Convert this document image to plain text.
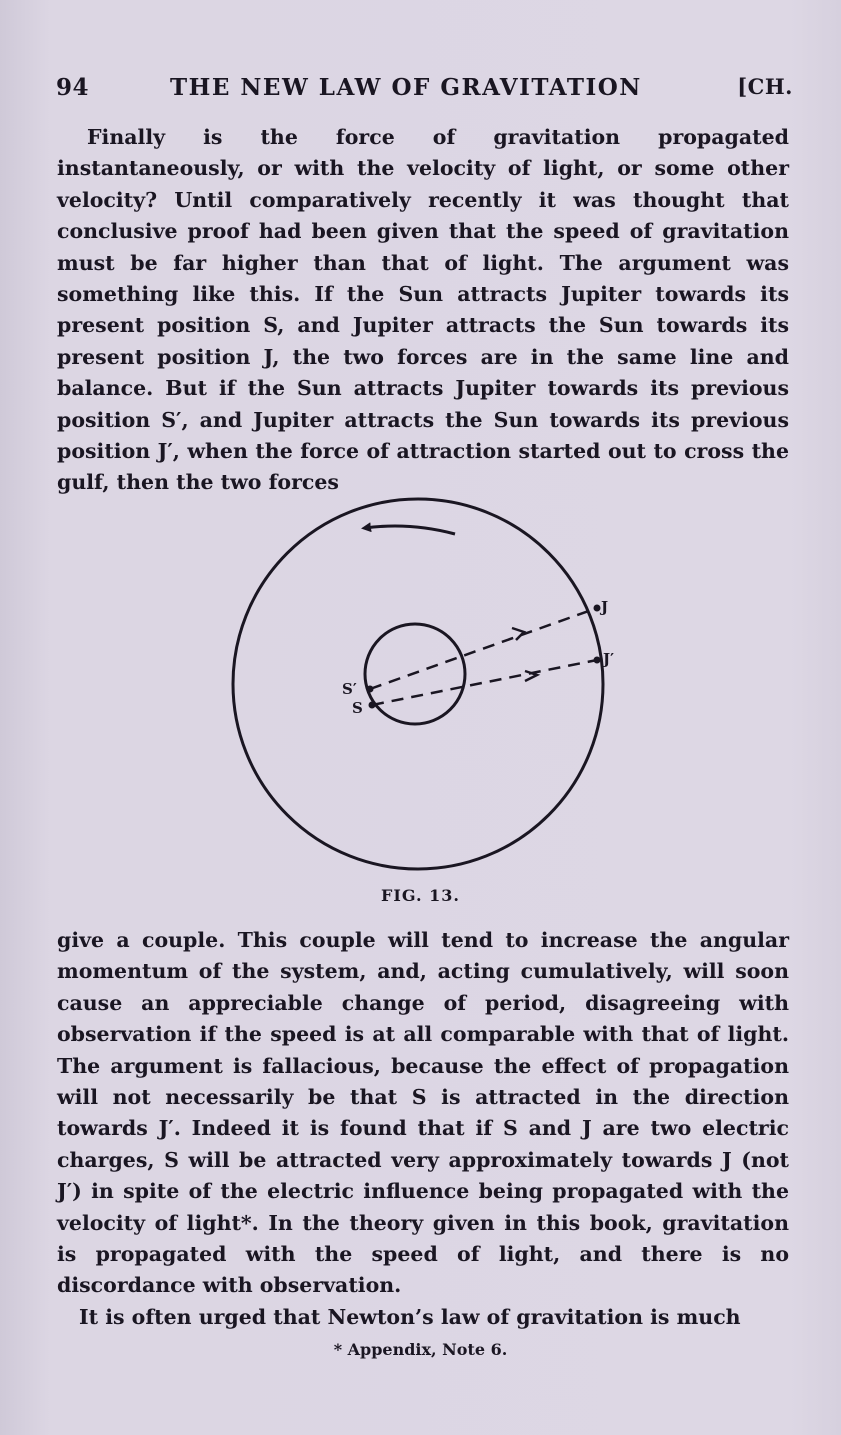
94	THE NEW LAW OF GRAVITATION	[CH.

Finally is the force of gravitation propagated instantaneously, or with the velocity of light, or some other velocity? Until comparatively recently it was thought that conclusive proof had been given that the speed of gravitation must be far higher than that of light. The argument was something like this. If the Sun attracts Jupiter towards its present position S, and Jupiter attracts the Sun towards its present position J, the two forces are in the same line and balance. But if the Sun attracts Jupiter towards its previous position S′, and Jupiter attracts the Sun towards its previous position J′, when the force of attraction started out to cross the gulf, then the two forces

S′
S
J
J′
FIG. 13.

give a couple. This couple will tend to increase the angular momentum of the system, and, acting cumulatively, will soon cause an appreciable change of period, disagreeing with observation if the speed is at all comparable with that of light. The argument is fallacious, because the effect of propagation will not necessarily be that S is attracted in the direction towards J′. Indeed it is found that if S and J are two electric charges, S will be attracted very approximately towards J (not J′) in spite of the electric influence being propagated with the velocity of light*. In the theory given in this book, gravitation is propagated with the speed of light, and there is no discordance with observation.

It is often urged that Newton’s law of gravitation is much

* Appendix, Note 6.
